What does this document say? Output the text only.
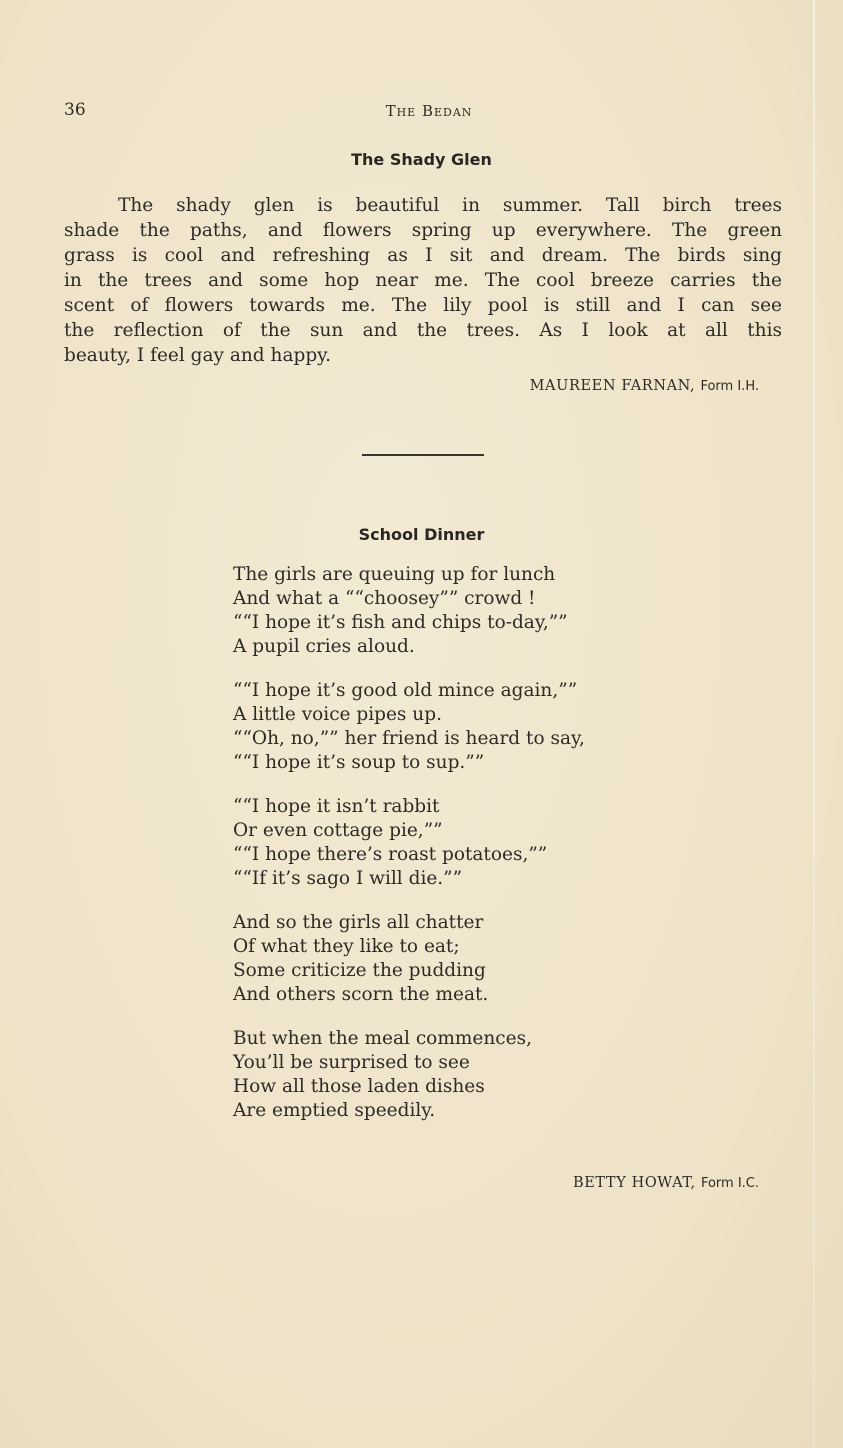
36	The Bedan
The Shady Glen
The shady glen is beautiful in summer. Tall birch trees
shade the paths, and flowers spring up everywhere. The green
grass is cool and refreshing as I sit and dream. The birds sing
in the trees and some hop near me. The cool breeze carries the
scent of flowers towards me. The lily pool is still and I can see
the reflection of the sun and the trees. As I look at all this
beauty, I feel gay and happy.
MAUREEN FARNAN, Form I.H.
School Dinner
The girls are queuing up for lunch
And what a ““choosey”” crowd !
““I hope it’s fish and chips to-day,””
A pupil cries aloud.
““I hope it’s good old mince again,””
A little voice pipes up.
““Oh, no,”” her friend is heard to say,
““I hope it’s soup to sup.””
““I hope it isn’t rabbit
Or even cottage pie,””
““I hope there’s roast potatoes,””
““If it’s sago I will die.””
And so the girls all chatter
Of what they like to eat;
Some criticize the pudding
And others scorn the meat.
But when the meal commences,
You’ll be surprised to see
How all those laden dishes
Are emptied speedily.
BETTY HOWAT, Form I.C.
